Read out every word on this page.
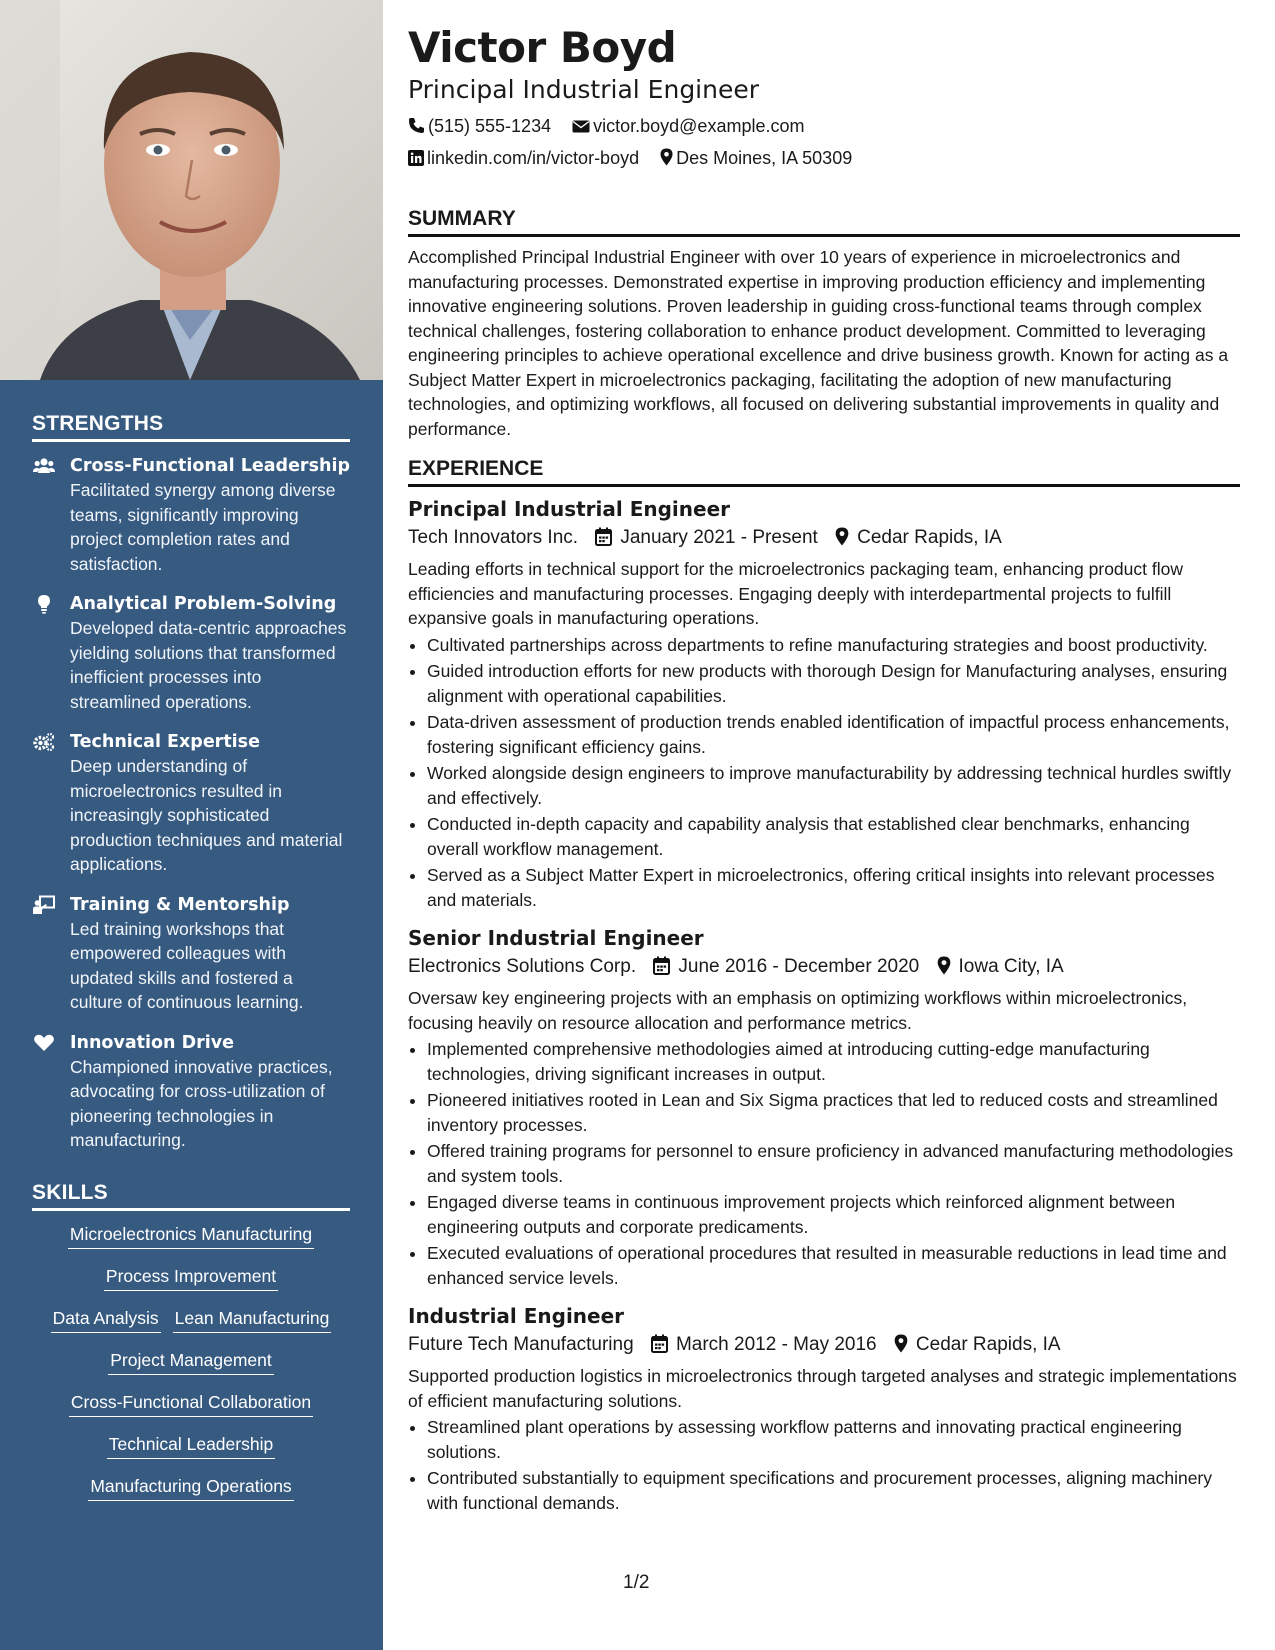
STRENGTHS
Cross-Functional Leadership
Facilitated synergy among diverse teams, significantly improving project completion rates and satisfaction.
Analytical Problem-Solving
Developed data-centric approaches yielding solutions that transformed inefficient processes into streamlined operations.
Technical Expertise
Deep understanding of microelectronics resulted in increasingly sophisticated production techniques and material applications.
Training & Mentorship
Led training workshops that empowered colleagues with updated skills and fostered a culture of continuous learning.
Innovation Drive
Championed innovative practices, advocating for cross-utilization of pioneering technologies in manufacturing.
SKILLS
Microelectronics Manufacturing
Process Improvement
Data Analysis Lean Manufacturing
Project Management
Cross-Functional Collaboration
Technical Leadership
Manufacturing Operations
Victor Boyd
Principal Industrial Engineer
(515) 555-1234 victor.boyd@example.com
linkedin.com/in/victor-boyd Des Moines, IA 50309
SUMMARY
Accomplished Principal Industrial Engineer with over 10 years of experience in microelectronics and manufacturing processes. Demonstrated expertise in improving production efficiency and implementing innovative engineering solutions. Proven leadership in guiding cross-functional teams through complex technical challenges, fostering collaboration to enhance product development. Committed to leveraging engineering principles to achieve operational excellence and drive business growth. Known for acting as a Subject Matter Expert in microelectronics packaging, facilitating the adoption of new manufacturing technologies, and optimizing workflows, all focused on delivering substantial improvements in quality and performance.
EXPERIENCE
Principal Industrial Engineer
Tech Innovators Inc. January 2021 - Present Cedar Rapids, IA
Leading efforts in technical support for the microelectronics packaging team, enhancing product flow efficiencies and manufacturing processes. Engaging deeply with interdepartmental projects to fulfill expansive goals in manufacturing operations.
• Cultivated partnerships across departments to refine manufacturing strategies and boost productivity.
• Guided introduction efforts for new products with thorough Design for Manufacturing analyses, ensuring alignment with operational capabilities.
• Data-driven assessment of production trends enabled identification of impactful process enhancements, fostering significant efficiency gains.
• Worked alongside design engineers to improve manufacturability by addressing technical hurdles swiftly and effectively.
• Conducted in-depth capacity and capability analysis that established clear benchmarks, enhancing overall workflow management.
• Served as a Subject Matter Expert in microelectronics, offering critical insights into relevant processes and materials.
Senior Industrial Engineer
Electronics Solutions Corp. June 2016 - December 2020 Iowa City, IA
Oversaw key engineering projects with an emphasis on optimizing workflows within microelectronics, focusing heavily on resource allocation and performance metrics.
• Implemented comprehensive methodologies aimed at introducing cutting-edge manufacturing technologies, driving significant increases in output.
• Pioneered initiatives rooted in Lean and Six Sigma practices that led to reduced costs and streamlined inventory processes.
• Offered training programs for personnel to ensure proficiency in advanced manufacturing methodologies and system tools.
• Engaged diverse teams in continuous improvement projects which reinforced alignment between engineering outputs and corporate predicaments.
• Executed evaluations of operational procedures that resulted in measurable reductions in lead time and enhanced service levels.
Industrial Engineer
Future Tech Manufacturing March 2012 - May 2016 Cedar Rapids, IA
Supported production logistics in microelectronics through targeted analyses and strategic implementations of efficient manufacturing solutions.
• Streamlined plant operations by assessing workflow patterns and innovating practical engineering solutions.
• Contributed substantially to equipment specifications and procurement processes, aligning machinery with functional demands.
1/2
